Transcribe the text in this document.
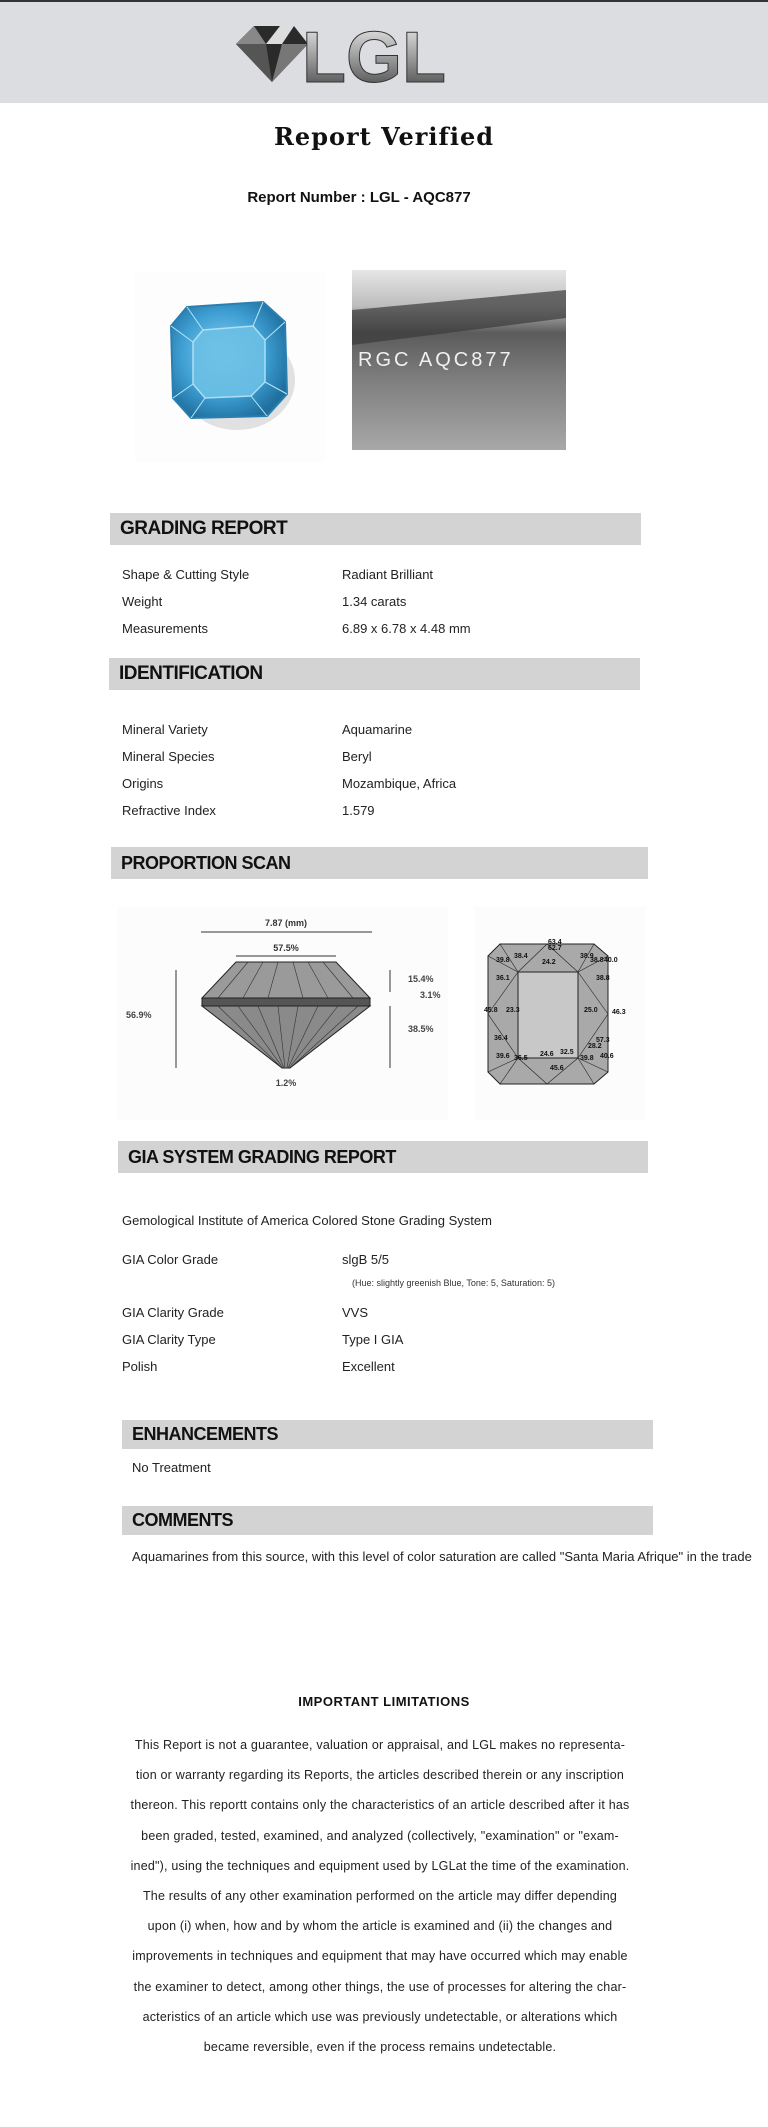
LGL
Report Verified
Report Number : LGL - AQC877
RGC AQC877
GRADING REPORT
Shape & Cutting Style	Radiant Brilliant
Weight	1.34 carats
Measurements	6.89 x 6.78 x 4.48 mm
IDENTIFICATION
Mineral Variety	Aquamarine
Mineral Species	Beryl
Origins	Mozambique, Africa
Refractive Index	1.579
PROPORTION SCAN
7.87 (mm)
57.5%
56.9%
15.4%
3.1%
38.5%
1.2%
63.4
62.7
39.8
38.4
24.2
38.9
38.8 40.0
36.1	38.8
45.8 23.3	25.0 46.3
36.4	57.3
28.2
39.6 36.5
24.6 32.5
39.8 40.6
45.6
GIA SYSTEM GRADING REPORT
Gemological Institute of America Colored Stone Grading System
GIA Color Grade	slgB 5/5
GIA Clarity Grade	VVS
GIA Clarity Type	Type I GIA
Polish	Excellent
(Hue: slightly greenish Blue, Tone: 5, Saturation: 5)
ENHANCEMENTS
No Treatment
COMMENTS
Aquamarines from this source, with this level of color saturation are called "Santa Maria Afrique" in the trade
IMPORTANT LIMITATIONS
This Report is not a guarantee, valuation or appraisal, and LGL makes no representa-
tion or warranty regarding its Reports, the articles described therein or any inscription
thereon. This reportt contains only the characteristics of an article described after it has
been graded, tested, examined, and analyzed (collectively, "examination" or "exam-
ined"), using the techniques and equipment used by LGLat the time of the examination.
The results of any other examination performed on the article may differ depending
upon (i) when, how and by whom the article is examined and (ii) the changes and
improvements in techniques and equipment that may have occurred which may enable
the examiner to detect, among other things, the use of processes for altering the char-
acteristics of an article which use was previously undetectable, or alterations which
became reversible, even if the process remains undetectable.
